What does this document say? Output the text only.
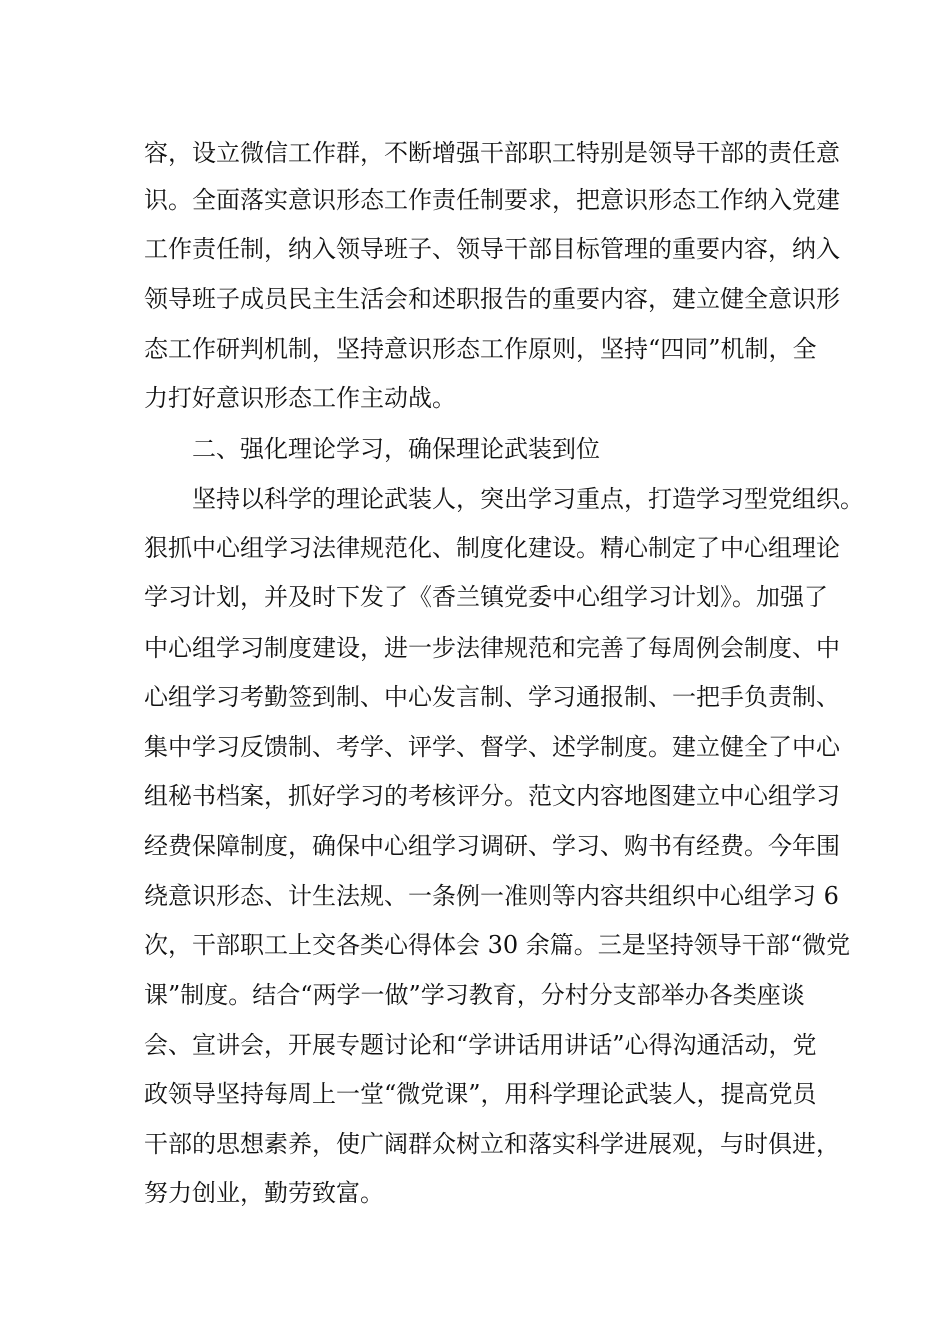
容，设立微信工作群，不断增强干部职工特别是领导干部的责任意
识。全面落实意识形态工作责任制要求，把意识形态工作纳入党建
工作责任制，纳入领导班子、领导干部目标管理的重要内容，纳入
领导班子成员民主生活会和述职报告的重要内容，建立健全意识形
态工作研判机制，坚持意识形态工作原则，坚持“四同”机制，全
力打好意识形态工作主动战。
二、强化理论学习，确保理论武装到位
坚持以科学的理论武装人，突出学习重点，打造学习型党组织。
狠抓中心组学习法律规范化、制度化建设。精心制定了中心组理论
学习计划，并及时下发了《香兰镇党委中心组学习计划》。加强了
中心组学习制度建设，进一步法律规范和完善了每周例会制度、中
心组学习考勤签到制、中心发言制、学习通报制、一把手负责制、
集中学习反馈制、考学、评学、督学、述学制度。建立健全了中心
组秘书档案，抓好学习的考核评分。范文内容地图建立中心组学习
经费保障制度，确保中心组学习调研、学习、购书有经费。今年围
绕意识形态、计生法规、一条例一准则等内容共组织中心组学习 6
次，干部职工上交各类心得体会 30 余篇。三是坚持领导干部“微党
课”制度。结合“两学一做”学习教育，分村分支部举办各类座谈
会、宣讲会，开展专题讨论和“学讲话用讲话”心得沟通活动，党
政领导坚持每周上一堂“微党课”，用科学理论武装人，提高党员
干部的思想素养，使广阔群众树立和落实科学进展观，与时俱进，
努力创业，勤劳致富。
